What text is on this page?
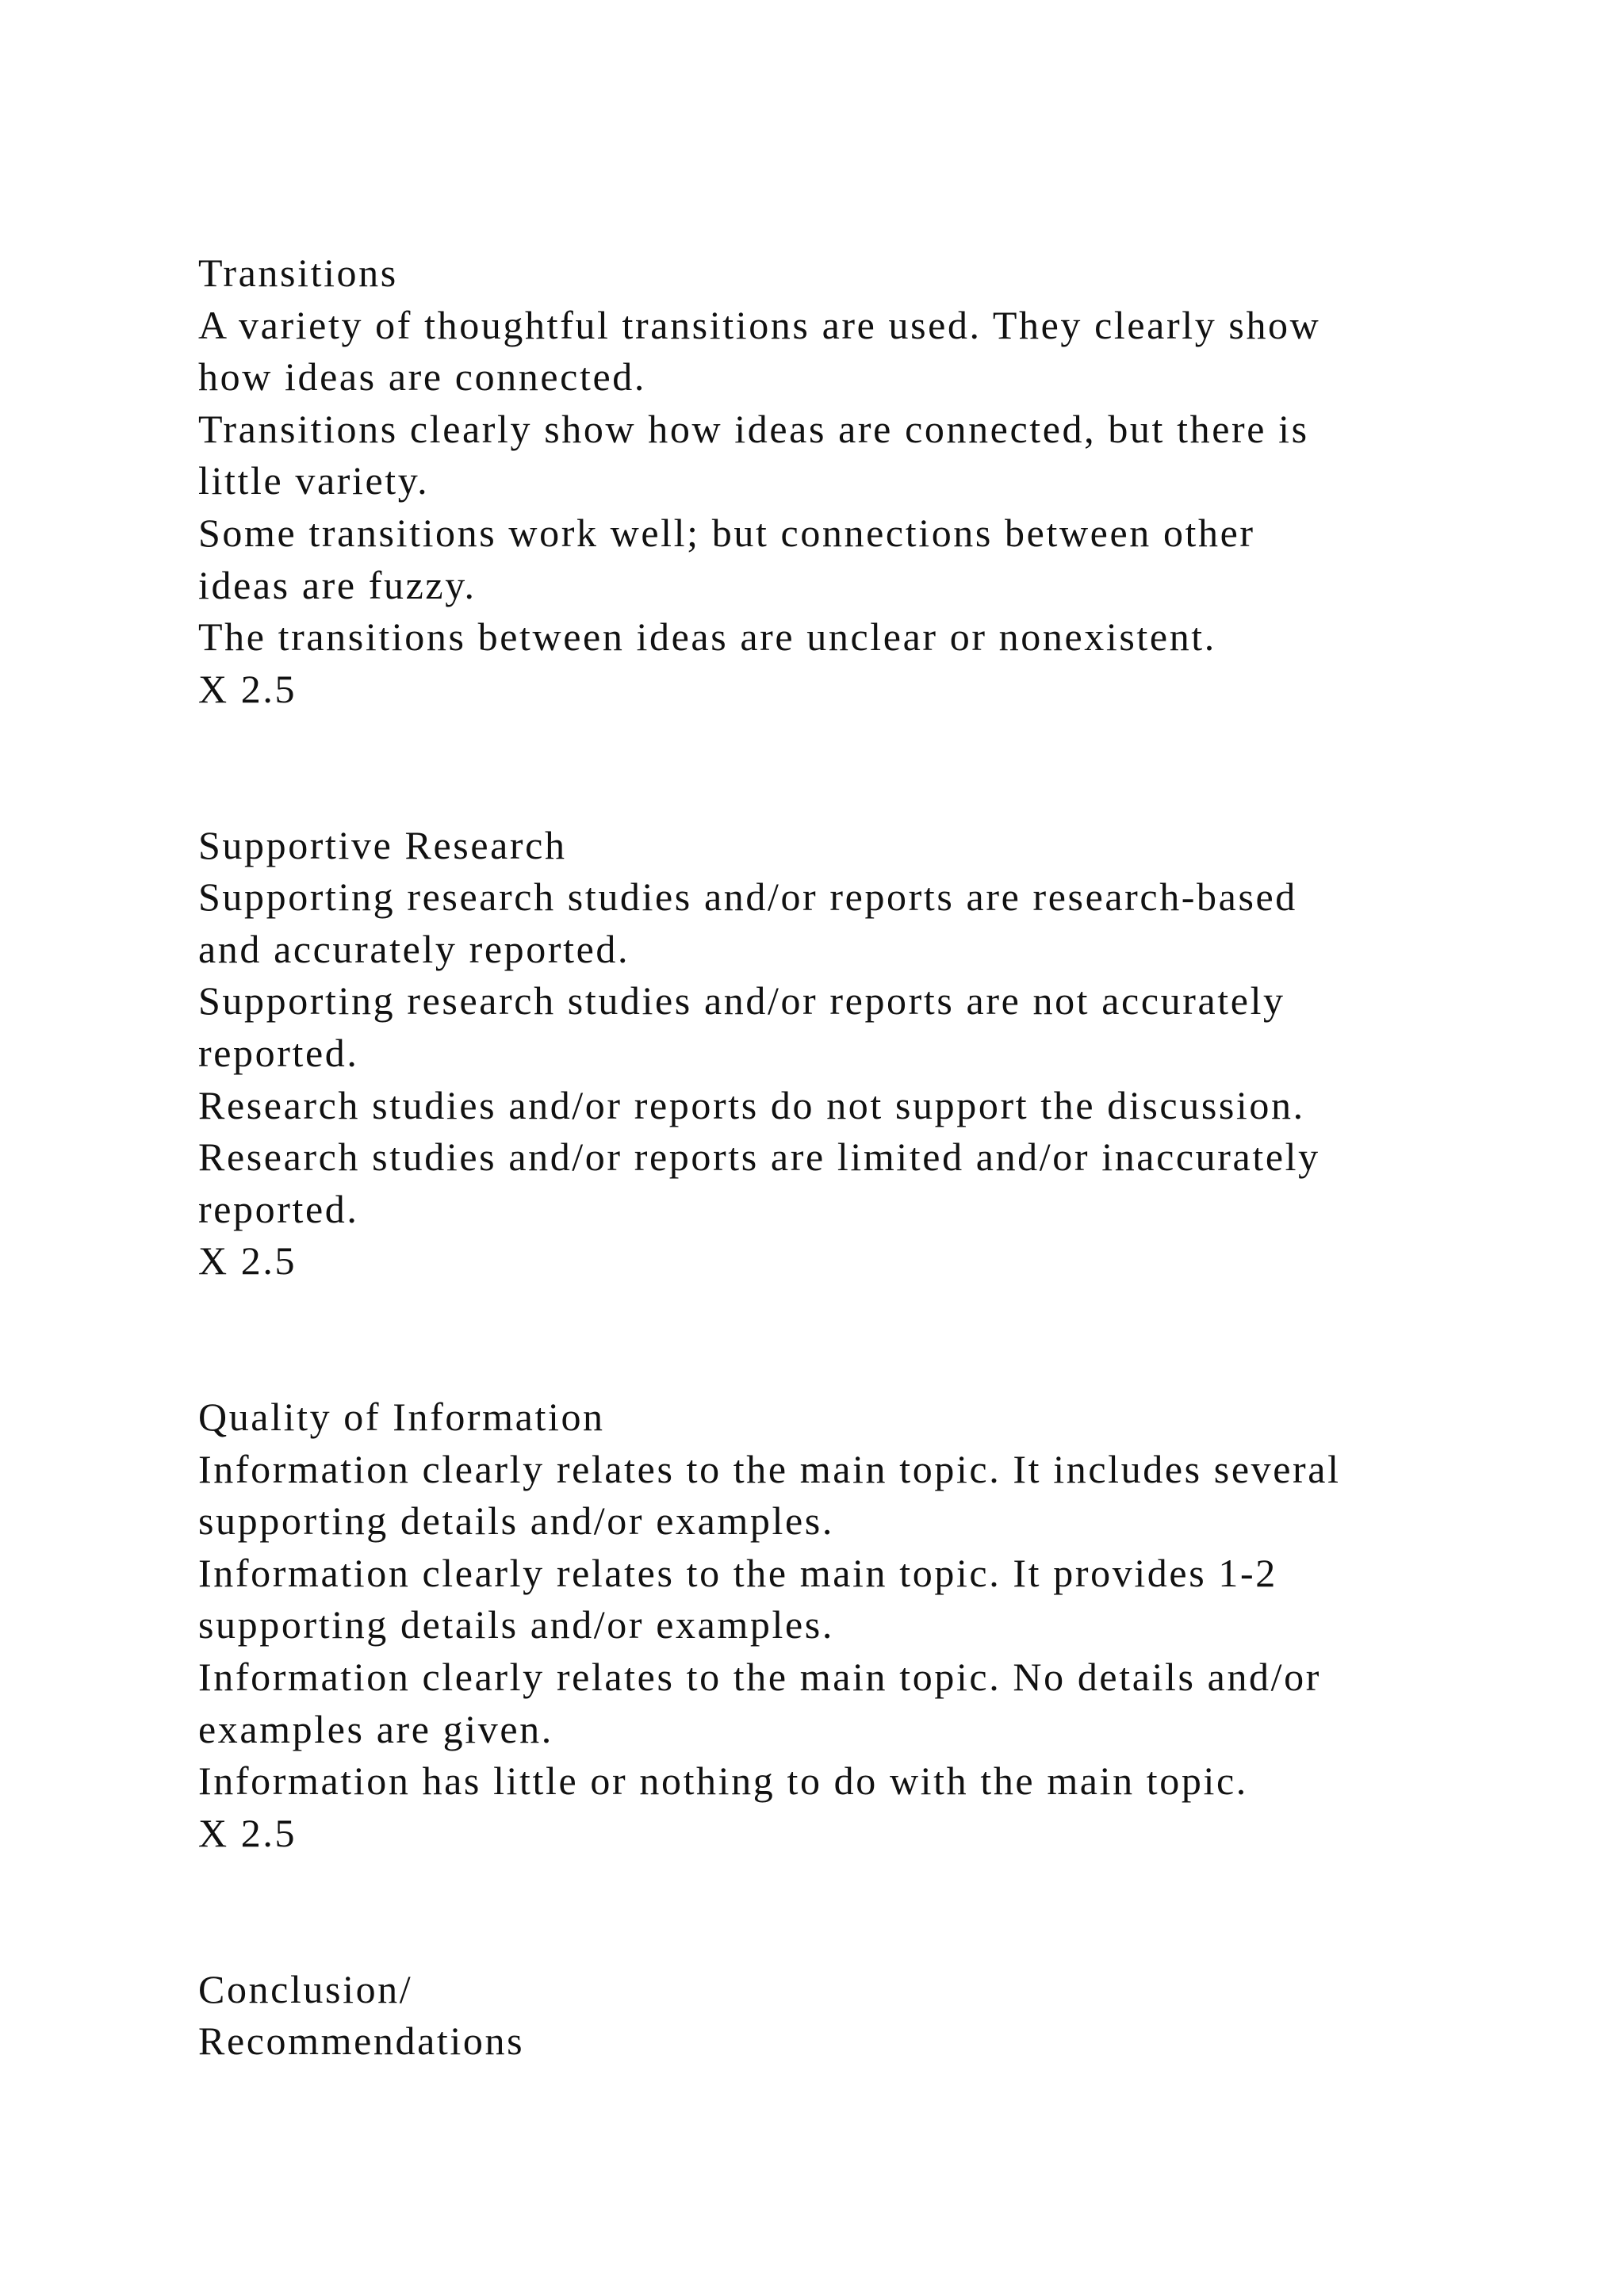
Transitions
A variety of thoughtful transitions are used. They clearly show
how ideas are connected.
Transitions clearly show how ideas are connected, but there is
little variety.
Some transitions work well; but connections between other
ideas are fuzzy.
The transitions between ideas are unclear or nonexistent.
X 2.5
Supportive Research
Supporting research studies and/or reports are research-based
and accurately reported.
Supporting research studies and/or reports are not accurately
reported.
Research studies and/or reports do not support the discussion.
Research studies and/or reports are limited and/or inaccurately
reported.
X 2.5
Quality of Information
Information clearly relates to the main topic. It includes several
supporting details and/or examples.
Information clearly relates to the main topic. It provides 1-2
supporting details and/or examples.
Information clearly relates to the main topic. No details and/or
examples are given.
Information has little or nothing to do with the main topic.
X 2.5
Conclusion/
Recommendations
